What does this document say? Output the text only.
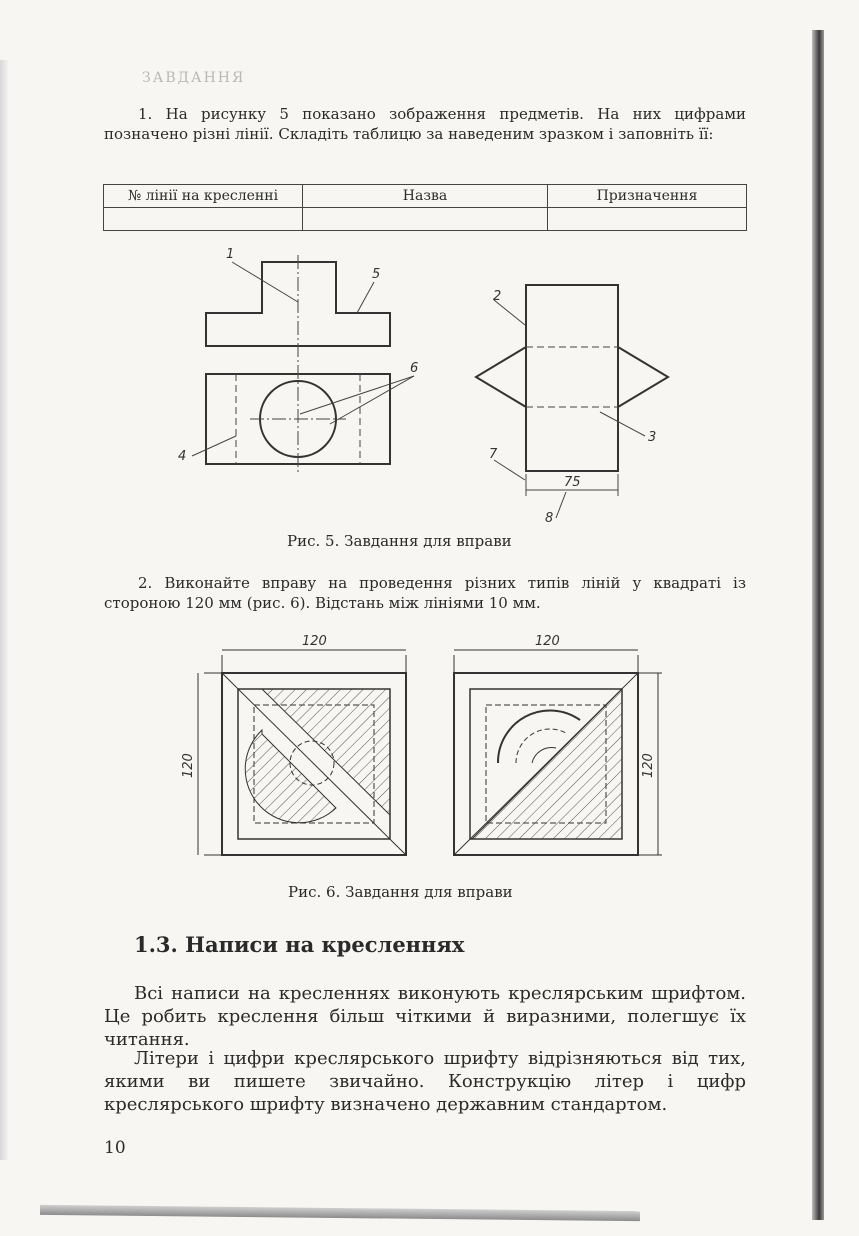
ЗАВДАННЯ
1. На рисунку 5 показано зображення предметів. На них цифрами позначено різні лінії. Складіть таблицю за наведеним зразком і заповніть її:
№ лінії на кресленні	Назва	Призначення

1
2
3
4
5
6
7
8
75
Рис. 5. Завдання для вправи
2. Виконайте вправу на проведення різних типів ліній у квадраті із стороною 120 мм (рис. 6). Відстань між лініями 10 мм.
120	120
120	120
Рис. 6. Завдання для вправи
1.3. Написи на кресленнях
Всі написи на кресленнях виконують креслярським шрифтом. Це робить креслення більш чіткими й виразними, полегшує їх читання.
Літери і цифри креслярського шрифту відрізняються від тих, якими ви пишете звичайно. Конструкцію літер і цифр креслярського шрифту визначено державним стандартом.
10
